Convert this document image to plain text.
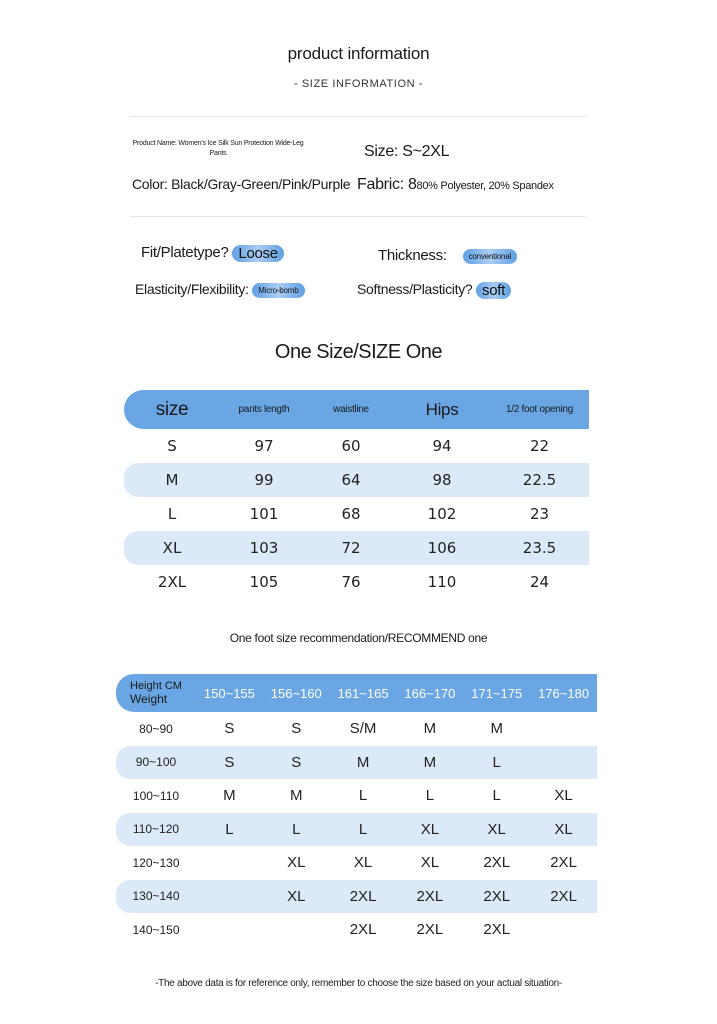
product information
- SIZE INFORMATION -
Product Name: Women's Ice Silk Sun Protection Wide-Leg Pants	Size: S~2XL
Color: Black/Gray-Green/Pink/Purple Fabric: 880% Polyester, 20% Spandex
Fit/Platetype? Loose	Thickness:	conventional
Elasticity/Flexibility: Micro-bomb	Softness/Plasticity? soft
One Size/SIZE One
size	pants length	waistline	Hips	1/2 foot opening
S	97	60	94	22
M	99	64	98	22.5
L	101	68	102	23
XL	103	72	106	23.5
2XL	105	76	110	24
One foot size recommendation/RECOMMEND one
Height CM
Weight	150~155	156~160	161~165	166~170	171~175	176~180
80~90	S	S	S/M	M	M	
90~100	S	S	M	M	L	
100~110	M	M	L	L	L	XL
110~120	L	L	L	XL	XL	XL
120~130		XL	XL	XL	2XL	2XL
130~140		XL	2XL	2XL	2XL	2XL
140~150			2XL	2XL	2XL	
-The above data is for reference only, remember to choose the size based on your actual situation-
